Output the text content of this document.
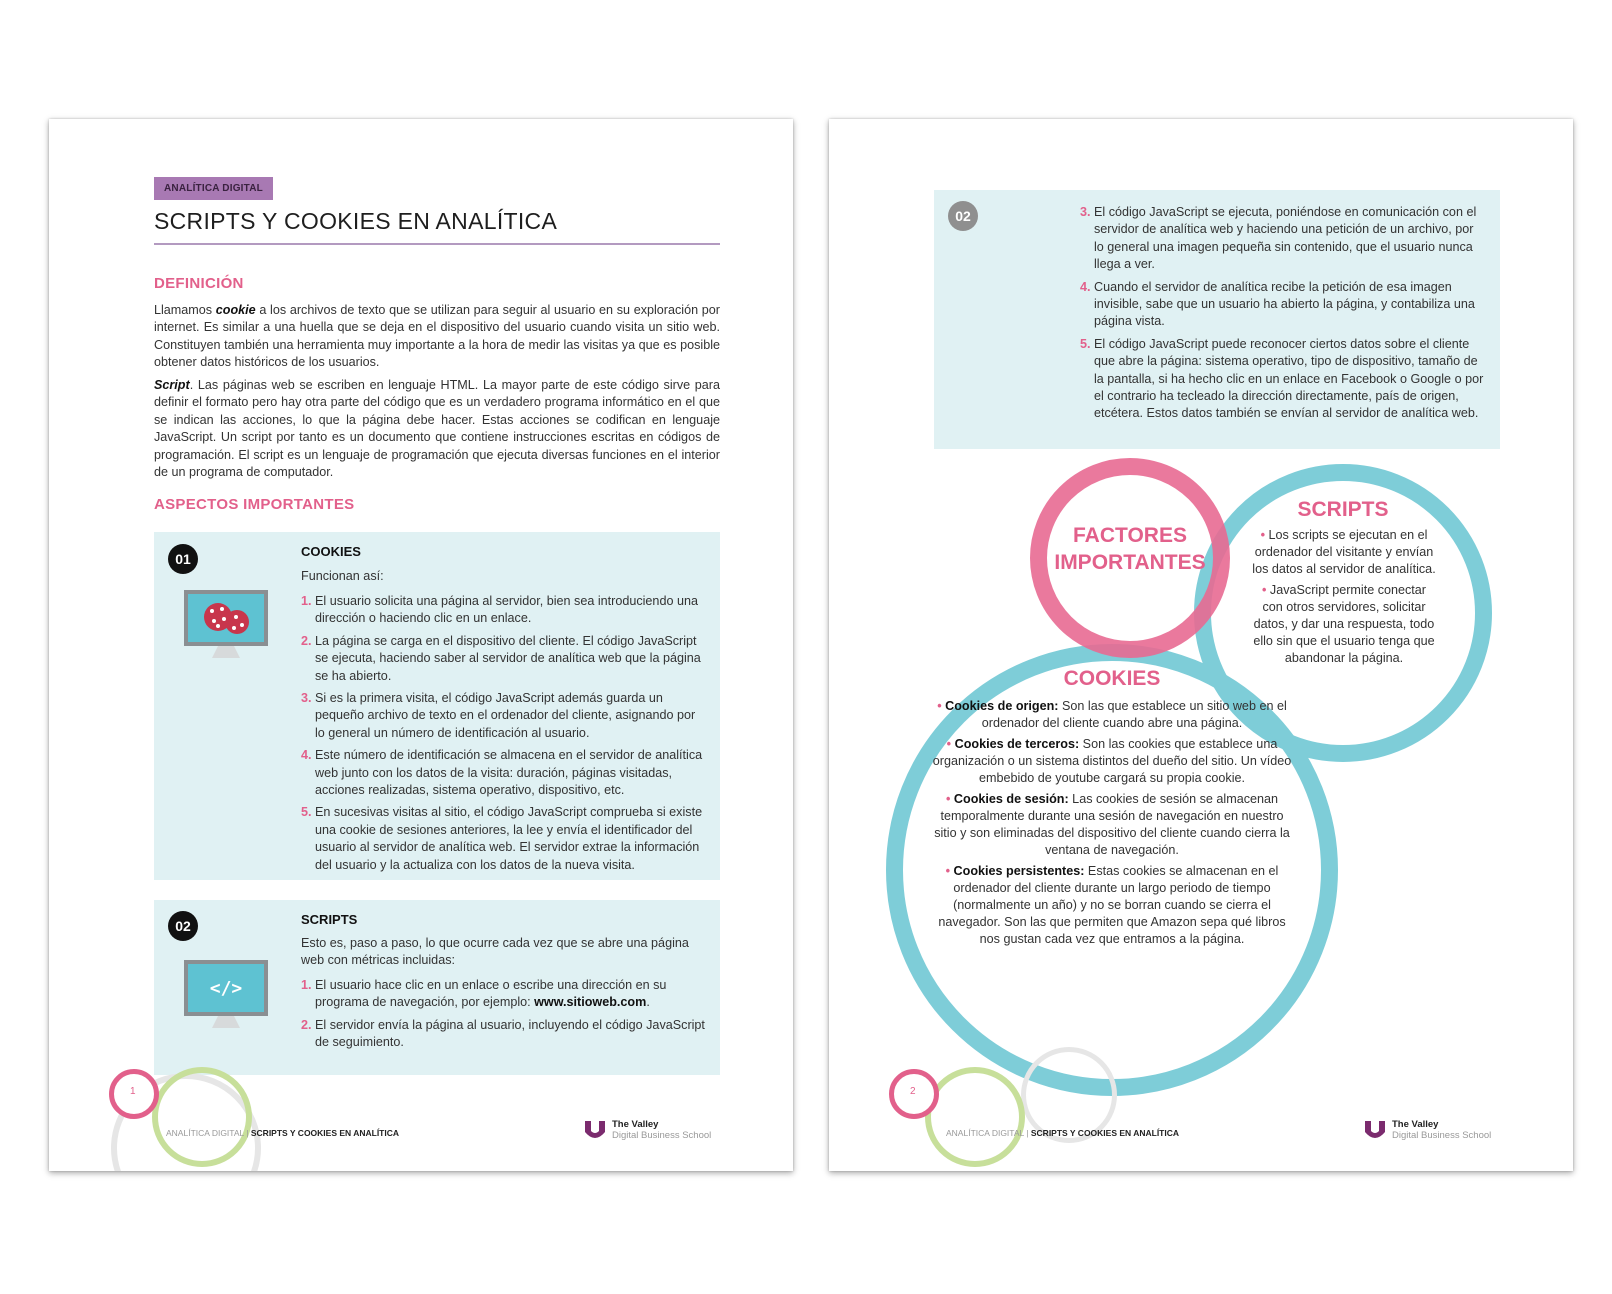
ANALÍTICA DIGITAL
SCRIPTS Y COOKIES EN ANALÍTICA
DEFINICIÓN
Llamamos cookie a los archivos de texto que se utilizan para seguir al usuario en su exploración por internet. Es similar a una huella que se deja en el dispositivo del usuario cuando visita un sitio web. Constituyen también una herramienta muy importante a la hora de medir las visitas ya que es posible obtener datos históricos de los usuarios.
Script. Las páginas web se escriben en lenguaje HTML. La mayor parte de este código sirve para definir el formato pero hay otra parte del código que es un verdadero programa informático en el que se indican las acciones, lo que la página debe hacer. Estas acciones se codifican en lenguaje JavaScript. Un script por tanto es un documento que contiene instrucciones escritas en códigos de programación. El script es un lenguaje de programación que ejecuta diversas funciones en el interior de un programa de computador.
ASPECTOS IMPORTANTES
01	COOKIES
Funcionan así:
1. El usuario solicita una página al servidor, bien sea introduciendo una dirección o haciendo clic en un enlace.
2. La página se carga en el dispositivo del cliente. El código JavaScript se ejecuta, haciendo saber al servidor de analítica web que la página se ha abierto.
3. Si es la primera visita, el código JavaScript además guarda un pequeño archivo de texto en el ordenador del cliente, asignando por lo general un número de identificación al usuario.
4. Este número de identificación se almacena en el servidor de analítica web junto con los datos de la visita: duración, páginas visitadas, acciones realizadas, sistema operativo, dispositivo, etc.
5. En sucesivas visitas al sitio, el código JavaScript comprueba si existe una cookie de sesiones anteriores, la lee y envía el identificador del usuario al servidor de analítica web. El servidor extrae la información del usuario y la actualiza con los datos de la nueva visita.
02
</>
SCRIPTS
Esto es, paso a paso, lo que ocurre cada vez que se abre una página web con métricas incluidas:
1. El usuario hace clic en un enlace o escribe una dirección en su programa de navegación, por ejemplo: www.sitioweb.com.
2. El servidor envía la página al usuario, incluyendo el código JavaScript de seguimiento.
1
ANALÍTICA DIGITAL | SCRIPTS Y COOKIES EN ANALÍTICA
The Valley
Digital Business School
02	3. El código JavaScript se ejecuta, poniéndose en comunicación con el servidor de analítica web y haciendo una petición de un archivo, por lo general una imagen pequeña sin contenido, que el usuario nunca llega a ver.
4. Cuando el servidor de analítica recibe la petición de esa imagen invisible, sabe que un usuario ha abierto la página, y contabiliza una página vista.
5. El código JavaScript puede reconocer ciertos datos sobre el cliente que abre la página: sistema operativo, tipo de dispositivo, tamaño de la pantalla, si ha hecho clic en un enlace en Facebook o Google o por el contrario ha tecleado la dirección directamente, país de origen, etcétera. Estos datos también se envían al servidor de analítica web.
FACTORES
IMPORTANTES
SCRIPTS
• Los scripts se ejecutan en el ordenador del visitante y envían los datos al servidor de analítica.
• JavaScript permite conectar con otros servidores, solicitar datos, y dar una respuesta, todo ello sin que el usuario tenga que abandonar la página.
COOKIES
• Cookies de origen: Son las que establece un sitio web en el ordenador del cliente cuando abre una página.
• Cookies de terceros: Son las cookies que establece una organización o un sistema distintos del dueño del sitio. Un vídeo embebido de youtube cargará su propia cookie.
• Cookies de sesión: Las cookies de sesión se almacenan temporalmente durante una sesión de navegación en nuestro sitio y son eliminadas del dispositivo del cliente cuando cierra la ventana de navegación.
• Cookies persistentes: Estas cookies se almacenan en el ordenador del cliente durante un largo periodo de tiempo (normalmente un año) y no se borran cuando se cierra el navegador. Son las que permiten que Amazon sepa qué libros nos gustan cada vez que entramos a la página.
2
ANALÍTICA DIGITAL | SCRIPTS Y COOKIES EN ANALÍTICA
The Valley
Digital Business School
